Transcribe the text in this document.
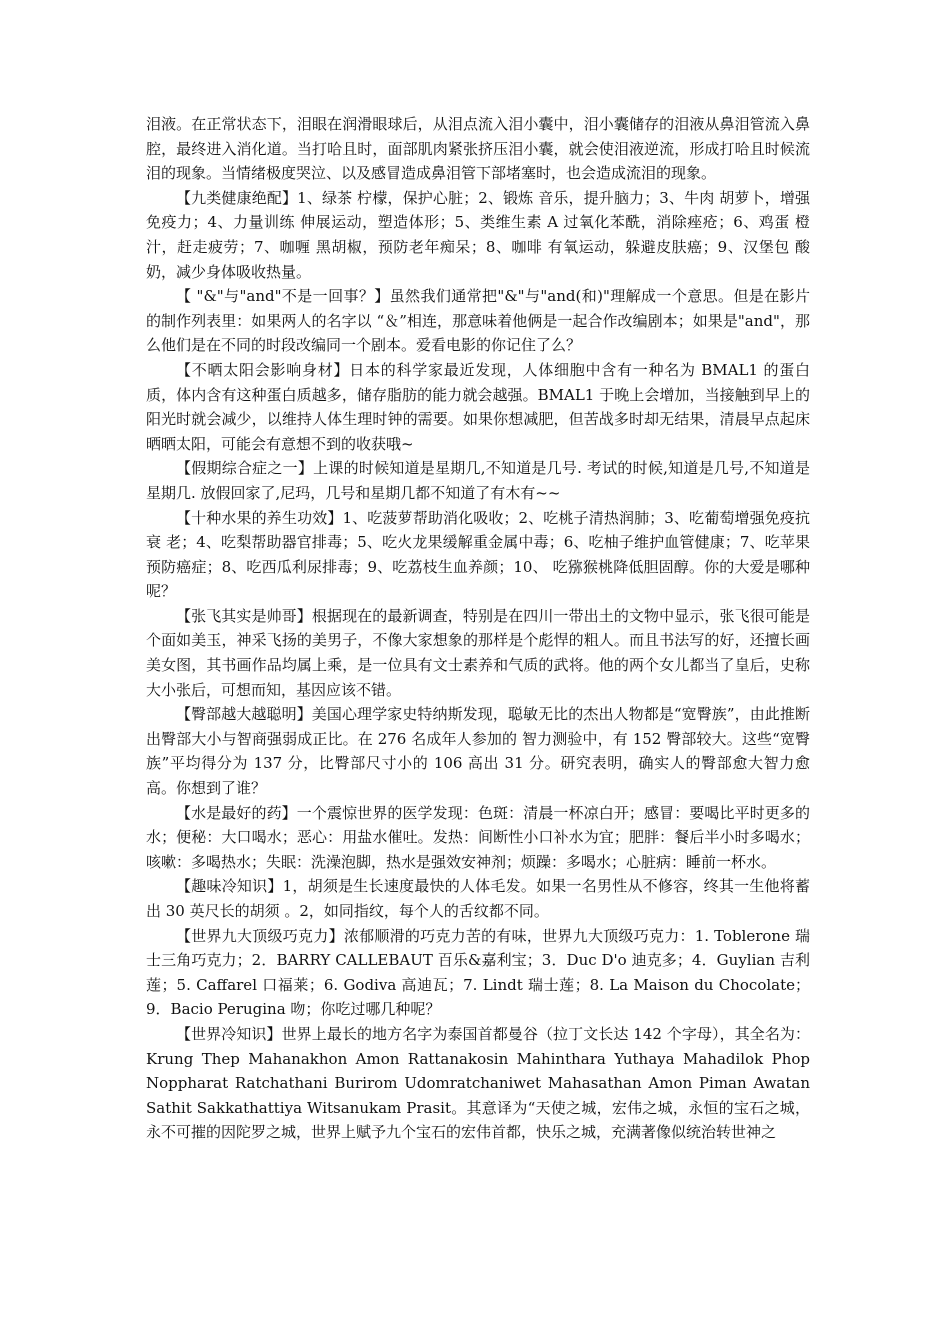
泪液。在正常状态下，泪眼在润滑眼球后，从泪点流入泪小囊中，泪小囊储存的泪液从鼻泪管流入鼻腔，最终进入消化道。当打哈且时，面部肌肉紧张挤压泪小囊，就会使泪液逆流，形成打哈且时候流泪的现象。当情绪极度哭泣、以及感冒造成鼻泪管下部堵塞时，也会造成流泪的现象。

【九类健康绝配】1、绿茶 柠檬，保护心脏；2、锻炼 音乐，提升脑力；3、牛肉 胡萝卜，增强免疫力；4、力量训练 伸展运动，塑造体形；5、类维生素 A 过氧化苯酰，消除痤疮；6、鸡蛋 橙汁，赶走疲劳；7、咖喱 黑胡椒，预防老年痴呆；8、咖啡 有氧运动，躲避皮肤癌；9、汉堡包 酸奶，减少身体吸收热量。

【 "&"与"and"不是一回事？】虽然我们通常把"&"与"and(和)"理解成一个意思。但是在影片的制作列表里：如果两人的名字以 “＆”相连，那意味着他俩是一起合作改编剧本；如果是"and"，那么他们是在不同的时段改编同一个剧本。爱看电影的你记住了么？

【不晒太阳会影响身材】日本的科学家最近发现，人体细胞中含有一种名为 BMAL1 的蛋白质，体内含有这种蛋白质越多，储存脂肪的能力就会越强。BMAL1 于晚上会增加，当接触到早上的阳光时就会减少，以维持人体生理时钟的需要。如果你想减肥，但苦战多时却无结果，清晨早点起床晒晒太阳，可能会有意想不到的收获哦~

【假期综合症之一】上课的时候知道是星期几,不知道是几号. 考试的时候,知道是几号,不知道是星期几. 放假回家了,尼玛，几号和星期几都不知道了有木有~~

【十种水果的养生功效】1、吃菠萝帮助消化吸收；2、吃桃子清热润肺；3、吃葡萄增强免疫抗衰 老；4、吃梨帮助器官排毒；5、吃火龙果缓解重金属中毒；6、吃柚子维护血管健康；7、吃苹果预防癌症；8、吃西瓜利尿排毒；9、吃荔枝生血养颜；10、 吃猕猴桃降低胆固醇。你的大爱是哪种呢？

【张飞其实是帅哥】根据现在的最新调查，特别是在四川一带出土的文物中显示，张飞很可能是个面如美玉，神采飞扬的美男子，不像大家想象的那样是个彪悍的粗人。而且书法写的好，还擅长画美女图，其书画作品均属上乘，是一位具有文士素养和气质的武将。他的两个女儿都当了皇后，史称大小张后，可想而知，基因应该不错。

【臀部越大越聪明】美国心理学家史特纳斯发现，聪敏无比的杰出人物都是“宽臀族”，由此推断出臀部大小与智商强弱成正比。在 276 名成年人参加的 智力测验中，有 152 臀部较大。这些“宽臀族”平均得分为 137 分，比臀部尺寸小的 106 高出 31 分。研究表明，确实人的臀部愈大智力愈高。你想到了谁？

【水是最好的药】一个震惊世界的医学发现：色斑：清晨一杯凉白开；感冒：要喝比平时更多的水；便秘：大口喝水；恶心：用盐水催吐。发热：间断性小口补水为宜；肥胖：餐后半小时多喝水；咳嗽：多喝热水；失眠：洗澡泡脚，热水是强效安神剂；烦躁：多喝水；心脏病：睡前一杯水。

【趣味冷知识】1，胡须是生长速度最快的人体毛发。如果一名男性从不修容，终其一生他将蓄出 30 英尺长的胡须 。2，如同指纹，每个人的舌纹都不同。

【世界九大顶级巧克力】浓郁顺滑的巧克力苦的有味，世界九大顶级巧克力：1. Toblerone 瑞士三角巧克力；2．BARRY CALLEBAUT 百乐&嘉利宝；3．Duc D'o 迪克多；4．Guylian 吉利莲；5. Caffarel 口福莱；6. Godiva 高迪瓦；7. Lindt 瑞士莲；8. La Maison du Chocolate；9．Bacio Perugina 吻；你吃过哪几种呢？

【世界冷知识】世界上最长的地方名字为泰国首都曼谷（拉丁文长达 142 个字母），其全名为：Krung Thep Mahanakhon Amon Rattanakosin Mahinthara Yuthaya Mahadilok Phop Noppharat Ratchathani Burirom Udomratchaniwet Mahasathan Amon Piman Awatan Sathit Sakkathattiya Witsanukam Prasit。其意译为“天使之城，宏伟之城，永恒的宝石之城，永不可摧的因陀罗之城，世界上赋予九个宝石的宏伟首都，快乐之城，充满著像似统治转世神之
